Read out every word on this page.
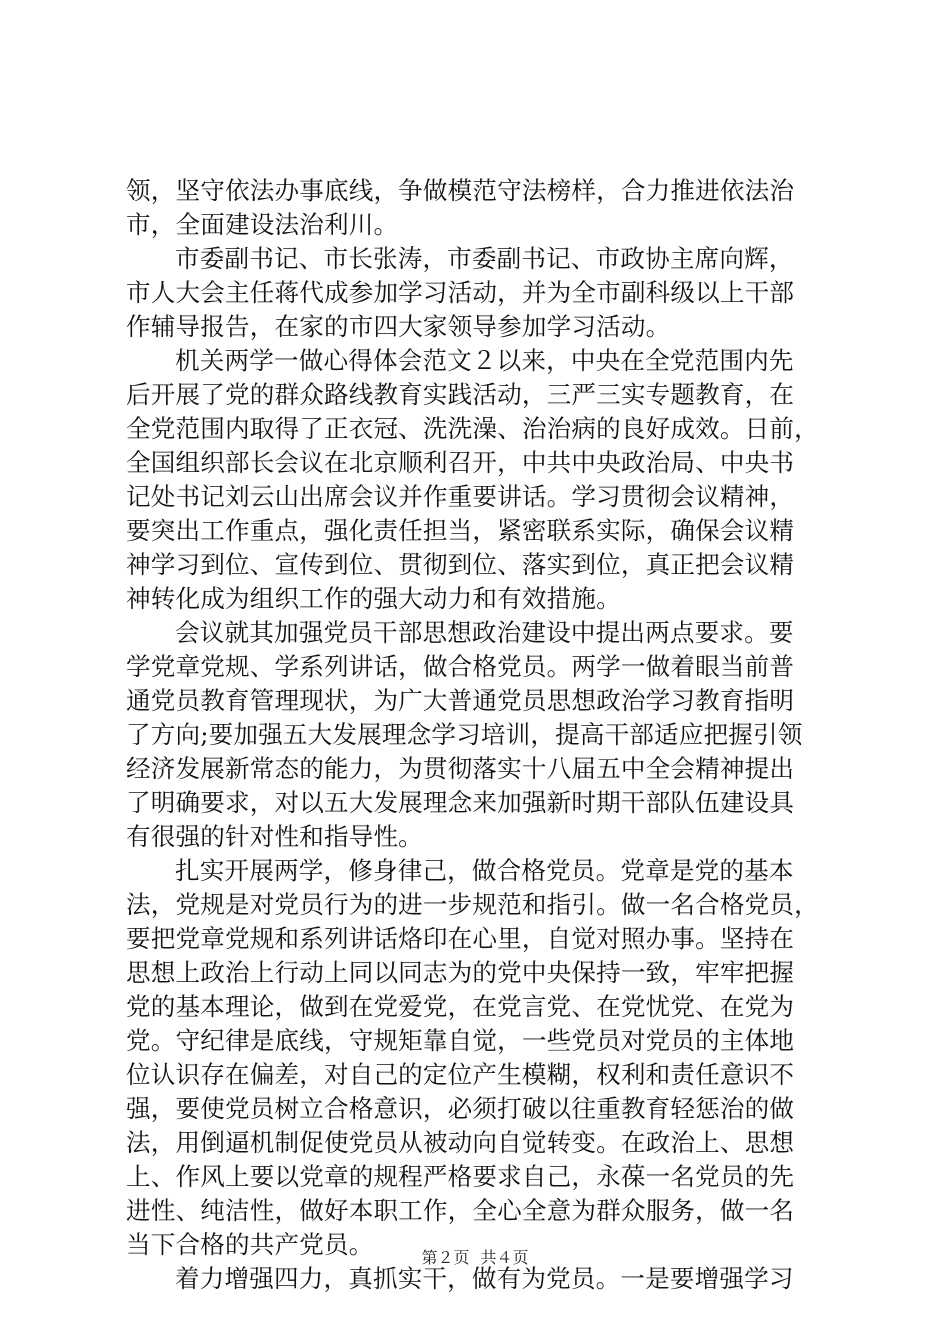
领，坚守依法办事底线，争做模范守法榜样，合力推进依法治
市，全面建设法治利川。
市委副书记、市长张涛，市委副书记、市政协主席向辉，
市人大会主任蒋代成参加学习活动，并为全市副科级以上干部
作辅导报告，在家的市四大家领导参加学习活动。
机关两学一做心得体会范文２以来，中央在全党范围内先
后开展了党的群众路线教育实践活动，三严三实专题教育，在
全党范围内取得了正衣冠、洗洗澡、治治病的良好成效。日前，
全国组织部长会议在北京顺利召开，中共中央政治局、中央书
记处书记刘云山出席会议并作重要讲话。学习贯彻会议精神，
要突出工作重点，强化责任担当，紧密联系实际，确保会议精
神学习到位、宣传到位、贯彻到位、落实到位，真正把会议精
神转化成为组织工作的强大动力和有效措施。
会议就其加强党员干部思想政治建设中提出两点要求。要
学党章党规、学系列讲话，做合格党员。两学一做着眼当前普
通党员教育管理现状，为广大普通党员思想政治学习教育指明
了方向;要加强五大发展理念学习培训，提高干部适应把握引领
经济发展新常态的能力，为贯彻落实十八届五中全会精神提出
了明确要求，对以五大发展理念来加强新时期干部队伍建设具
有很强的针对性和指导性。
扎实开展两学，修身律己，做合格党员。党章是党的基本
法，党规是对党员行为的进一步规范和指引。做一名合格党员，
要把党章党规和系列讲话烙印在心里，自觉对照办事。坚持在
思想上政治上行动上同以同志为的党中央保持一致，牢牢把握
党的基本理论，做到在党爱党，在党言党、在党忧党、在党为
党。守纪律是底线，守规矩靠自觉，一些党员对党员的主体地
位认识存在偏差，对自己的定位产生模糊，权利和责任意识不
强，要使党员树立合格意识，必须打破以往重教育轻惩治的做
法，用倒逼机制促使党员从被动向自觉转变。在政治上、思想
上、作风上要以党章的规程严格要求自己，永葆一名党员的先
进性、纯洁性，做好本职工作，全心全意为群众服务，做一名
当下合格的共产党员。
着力增强四力，真抓实干，做有为党员。一是要增强学习
第２页 共４页
